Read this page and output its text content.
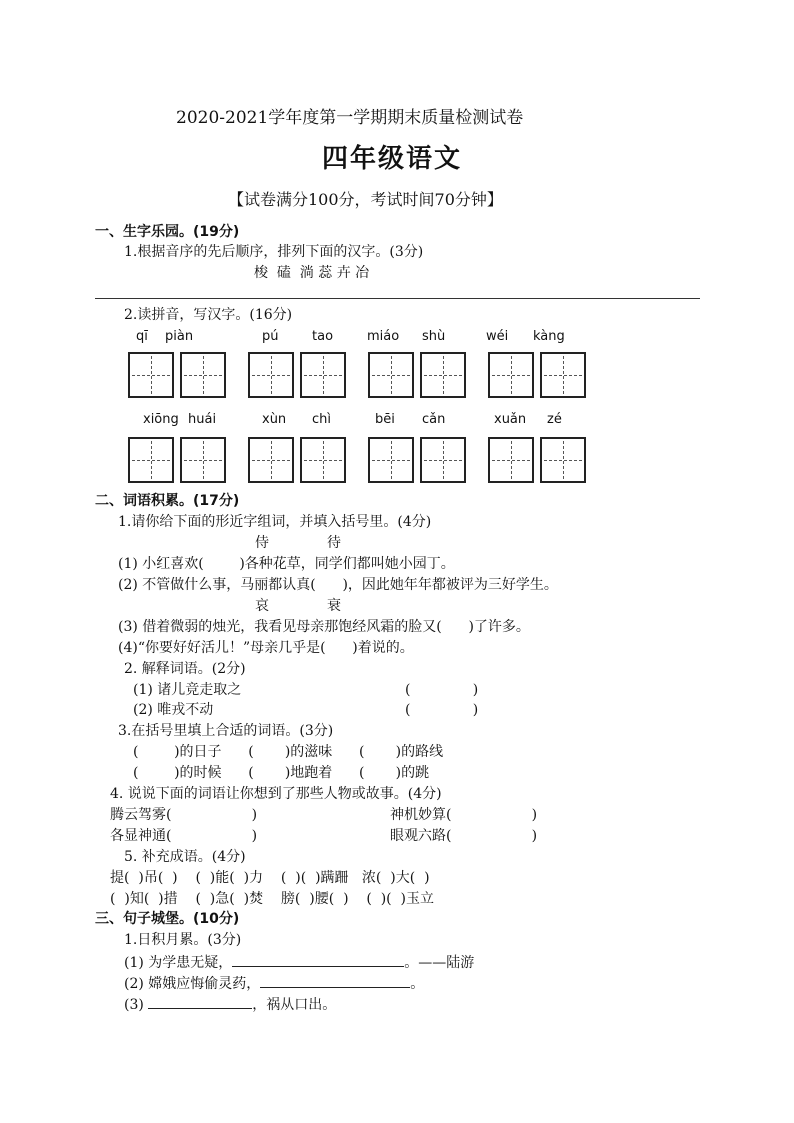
2020-2021学年度第一学期期末质量检测试卷
四年级语文
【试卷满分100分，考试时间70分钟】
一、生字乐园。(19分)
1.根据音序的先后顺序，排列下面的汉字。(3分)
梭  磕  淌 蕊 卉 冶
2.读拼音，写汉字。(16分)
qī piàn	pú	tao	miáo shù	wéi kàng
xiōng huái	xùn chì	bēi cǎn	xuǎn zé
二、词语积累。(17分)
1.请你给下面的形近字组词，并填入括号里。(4分)
侍	待
(1) 小红喜欢(        )各种花草，同学们都叫她小园丁。
(2) 不管做什么事，马丽都认真(      )，因此她年年都被评为三好学生。
哀	衰
(3) 借着微弱的烛光，我看见母亲那饱经风霜的脸又(      )了许多。
(4)“你要好好活儿！”母亲几乎是(      )着说的。
2. 解释词语。(2分)
(1) 诸儿竞走取之	(              )
(2) 唯戎不动	(              )
3.在括号里填上合适的词语。(3分)
(        )的日子      (       )的滋味      (       )的路线
(        )的时候      (       )地跑着      (       )的跳
4. 说说下面的词语让你想到了那些人物或故事。(4分)
腾云驾雾(                  )	神机妙算(                  )
各显神通(                  )	眼观六路(                  )
5. 补充成语。(4分)
提(  )吊(  )    (  )能(  )力    (  )(  )蹒跚   浓(  )大(  )
(  )知(  )措    (  )急(  )焚    膀(  )腰(  )    (  )(  )玉立
三、句子城堡。(10分)
1.日积月累。(3分)
(1) 为学患无疑，	。——陆游
(2) 嫦娥应悔偷灵药，	。
(3)	，祸从口出。
